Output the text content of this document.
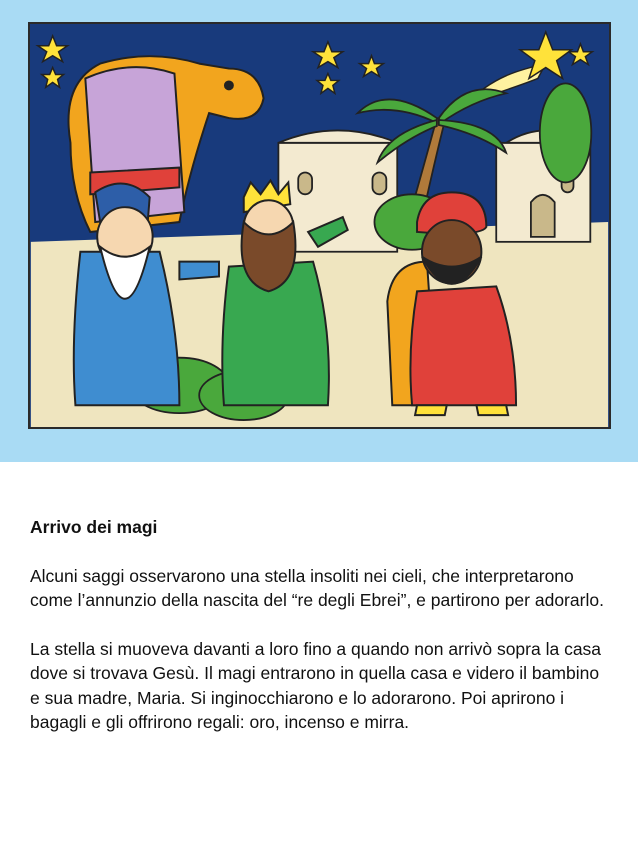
Arrivo dei magi
Alcuni saggi osservarono una stella insoliti nei cieli, che interpretarono come l’annunzio della nascita del “re degli Ebrei”, e partirono per adorarlo.
La stella si muoveva davanti a loro fino a quando non arrivò sopra la casa dove si trovava Gesù. Il magi entrarono in quella casa e videro il bambino e sua madre, Maria. Si inginocchiarono e lo adorarono. Poi aprirono i bagagli e gli offrirono regali: oro, incenso e mirra.
